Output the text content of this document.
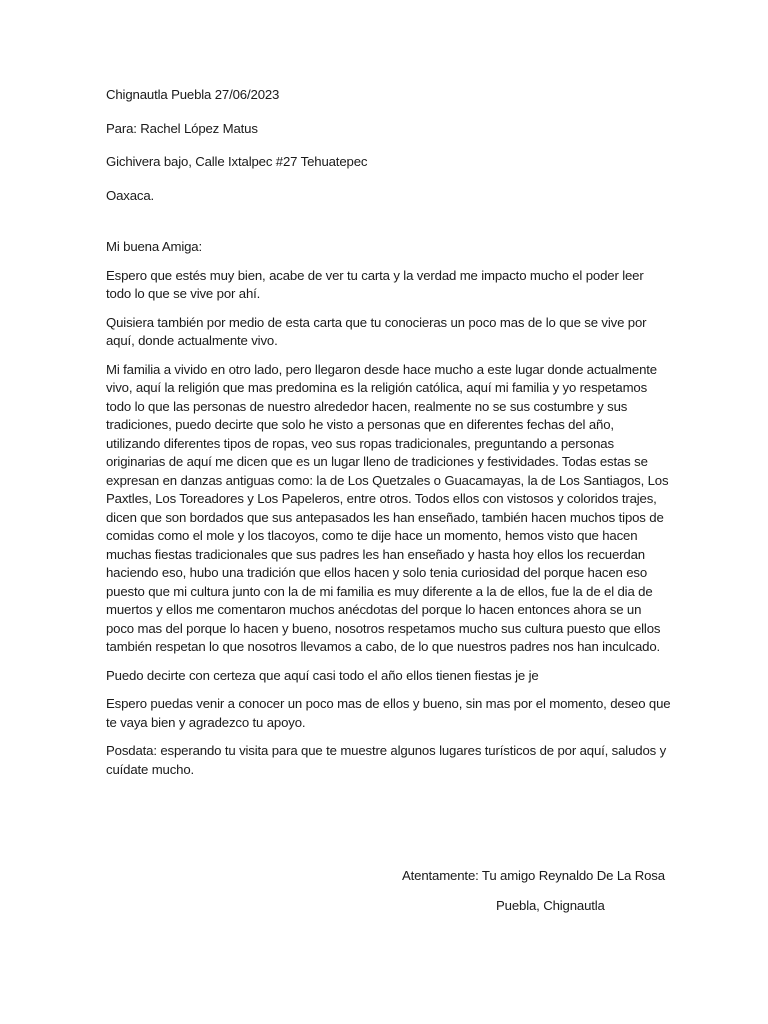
Chignautla Puebla 27/06/2023

Para: Rachel López Matus

Gichivera bajo, Calle Ixtalpec #27 Tehuatepec

Oaxaca.

Mi buena Amiga:

Espero que estés muy bien, acabe de ver tu carta y la verdad me impacto mucho el poder leer

todo lo que se vive por ahí.

Quisiera también por medio de esta carta que tu conocieras un poco mas de lo que se vive por

aquí, donde actualmente vivo.

Mi familia a vivido en otro lado, pero llegaron desde hace mucho a este lugar donde actualmente

vivo, aquí la religión que mas predomina es la religión católica, aquí mi familia y yo respetamos

todo lo que las personas de nuestro alrededor hacen, realmente no se sus costumbre y sus

tradiciones, puedo decirte que solo he visto a personas que en diferentes fechas del año,

utilizando diferentes tipos de ropas, veo sus ropas tradicionales, preguntando a personas

originarias de aquí me dicen que es un lugar lleno de tradiciones y festividades. Todas estas se

expresan en danzas antiguas como: la de Los Quetzales o Guacamayas, la de Los Santiagos, Los

Paxtles, Los Toreadores y Los Papeleros, entre otros. Todos ellos con vistosos y coloridos trajes,

dicen que son bordados que sus antepasados les han enseñado, también hacen muchos tipos de

comidas como el mole y los tlacoyos, como te dije hace un momento, hemos visto que hacen

muchas fiestas tradicionales que sus padres les han enseñado y hasta hoy ellos los recuerdan

haciendo eso, hubo una tradición que ellos hacen y solo tenia curiosidad del porque hacen eso

puesto que mi cultura junto con la de mi familia es muy diferente a la de ellos, fue la de el dia de

muertos y ellos me comentaron muchos anécdotas del porque lo hacen entonces ahora se un

poco mas del porque lo hacen y bueno, nosotros respetamos mucho sus cultura puesto que ellos

también respetan lo que nosotros llevamos a cabo, de lo que nuestros padres nos han inculcado.

Puedo decirte con certeza que aquí casi todo el año ellos tienen fiestas je je

Espero puedas venir a conocer un poco mas de ellos y bueno, sin mas por el momento, deseo que

te vaya bien y agradezco tu apoyo.

Posdata: esperando tu visita para que te muestre algunos lugares turísticos de por aquí, saludos y

cuídate mucho.

Atentamente: Tu amigo Reynaldo De La Rosa

Puebla, Chignautla
